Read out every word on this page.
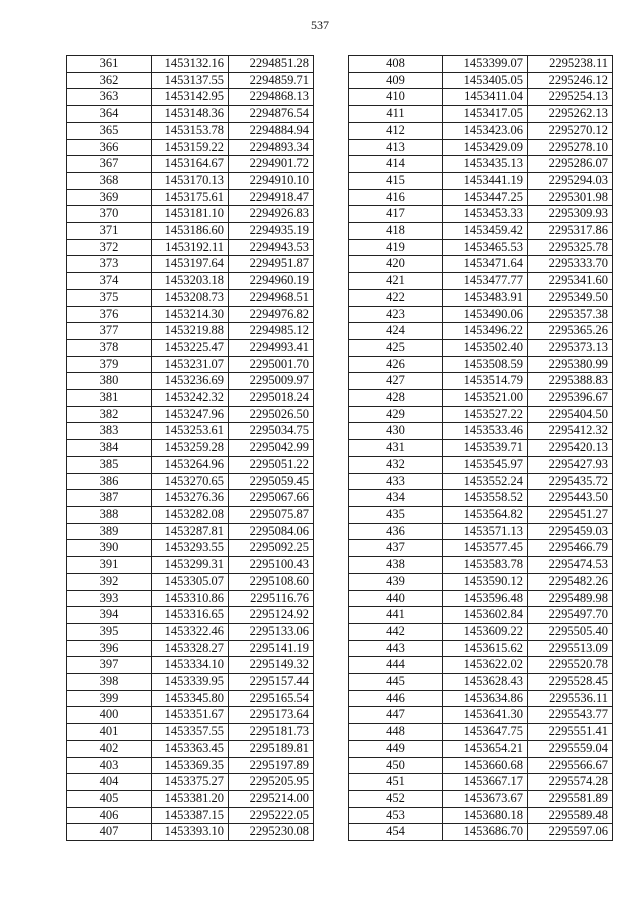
537
361	1453132.16	2294851.28
362	1453137.55	2294859.71
363	1453142.95	2294868.13
364	1453148.36	2294876.54
365	1453153.78	2294884.94
366	1453159.22	2294893.34
367	1453164.67	2294901.72
368	1453170.13	2294910.10
369	1453175.61	2294918.47
370	1453181.10	2294926.83
371	1453186.60	2294935.19
372	1453192.11	2294943.53
373	1453197.64	2294951.87
374	1453203.18	2294960.19
375	1453208.73	2294968.51
376	1453214.30	2294976.82
377	1453219.88	2294985.12
378	1453225.47	2294993.41
379	1453231.07	2295001.70
380	1453236.69	2295009.97
381	1453242.32	2295018.24
382	1453247.96	2295026.50
383	1453253.61	2295034.75
384	1453259.28	2295042.99
385	1453264.96	2295051.22
386	1453270.65	2295059.45
387	1453276.36	2295067.66
388	1453282.08	2295075.87
389	1453287.81	2295084.06
390	1453293.55	2295092.25
391	1453299.31	2295100.43
392	1453305.07	2295108.60
393	1453310.86	2295116.76
394	1453316.65	2295124.92
395	1453322.46	2295133.06
396	1453328.27	2295141.19
397	1453334.10	2295149.32
398	1453339.95	2295157.44
399	1453345.80	2295165.54
400	1453351.67	2295173.64
401	1453357.55	2295181.73
402	1453363.45	2295189.81
403	1453369.35	2295197.89
404	1453375.27	2295205.95
405	1453381.20	2295214.00
406	1453387.15	2295222.05
407	1453393.10	2295230.08
408	1453399.07	2295238.11
409	1453405.05	2295246.12
410	1453411.04	2295254.13
411	1453417.05	2295262.13
412	1453423.06	2295270.12
413	1453429.09	2295278.10
414	1453435.13	2295286.07
415	1453441.19	2295294.03
416	1453447.25	2295301.98
417	1453453.33	2295309.93
418	1453459.42	2295317.86
419	1453465.53	2295325.78
420	1453471.64	2295333.70
421	1453477.77	2295341.60
422	1453483.91	2295349.50
423	1453490.06	2295357.38
424	1453496.22	2295365.26
425	1453502.40	2295373.13
426	1453508.59	2295380.99
427	1453514.79	2295388.83
428	1453521.00	2295396.67
429	1453527.22	2295404.50
430	1453533.46	2295412.32
431	1453539.71	2295420.13
432	1453545.97	2295427.93
433	1453552.24	2295435.72
434	1453558.52	2295443.50
435	1453564.82	2295451.27
436	1453571.13	2295459.03
437	1453577.45	2295466.79
438	1453583.78	2295474.53
439	1453590.12	2295482.26
440	1453596.48	2295489.98
441	1453602.84	2295497.70
442	1453609.22	2295505.40
443	1453615.62	2295513.09
444	1453622.02	2295520.78
445	1453628.43	2295528.45
446	1453634.86	2295536.11
447	1453641.30	2295543.77
448	1453647.75	2295551.41
449	1453654.21	2295559.04
450	1453660.68	2295566.67
451	1453667.17	2295574.28
452	1453673.67	2295581.89
453	1453680.18	2295589.48
454	1453686.70	2295597.06
